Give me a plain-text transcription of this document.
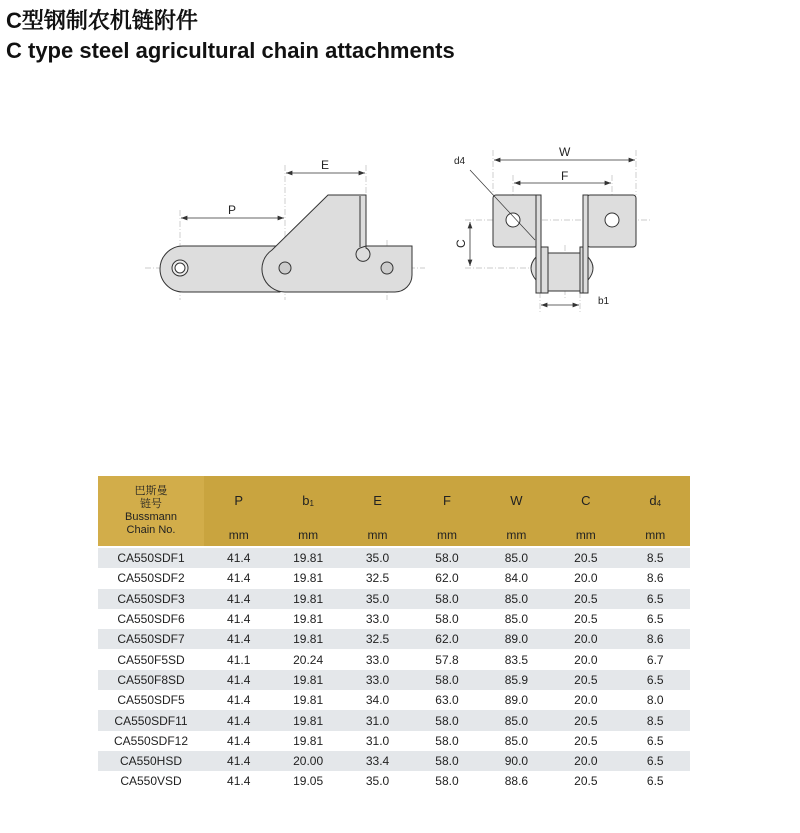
C型钢制农机链附件
C type steel agricultural chain attachments
P
E
W
F
C
d4
b1
巴斯曼
链号
Bussmann
Chain No.	P	$b_1$	E	F	W	C	$d_4$
	mm	mm	mm	mm	mm	mm	mm

CA550SDF1	41.4	19.81	35.0	58.0	85.0	20.5	8.5
CA550SDF2	41.4	19.81	32.5	62.0	84.0	20.0	8.6
CA550SDF3	41.4	19.81	35.0	58.0	85.0	20.5	6.5
CA550SDF6	41.4	19.81	33.0	58.0	85.0	20.5	6.5
CA550SDF7	41.4	19.81	32.5	62.0	89.0	20.0	8.6
CA550F5SD	41.1	20.24	33.0	57.8	83.5	20.0	6.7
CA550F8SD	41.4	19.81	33.0	58.0	85.9	20.5	6.5
CA550SDF5	41.4	19.81	34.0	63.0	89.0	20.0	8.0
CA550SDF11	41.4	19.81	31.0	58.0	85.0	20.5	8.5
CA550SDF12	41.4	19.81	31.0	58.0	85.0	20.5	6.5
CA550HSD	41.4	20.00	33.4	58.0	90.0	20.0	6.5
CA550VSD	41.4	19.05	35.0	58.0	88.6	20.5	6.5
